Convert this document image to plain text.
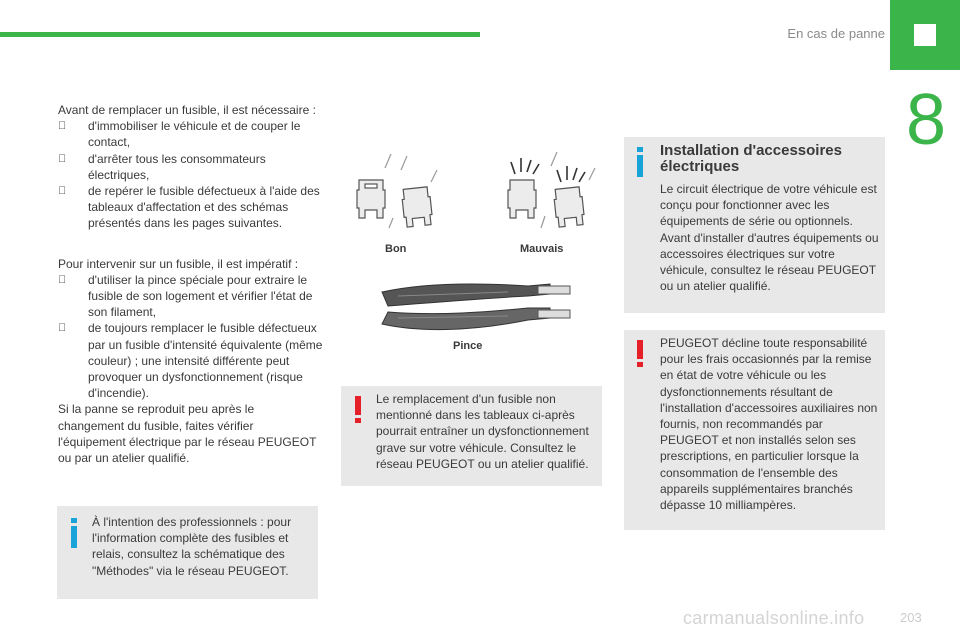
En cas de panne
8

Avant de remplacer un fusible, il est nécessaire :

d'immobiliser le véhicule et de couper le contact,
d'arrêter tous les consommateurs électriques,
de repérer le fusible défectueux à l'aide des tableaux d'affectation et des schémas présentés dans les pages suivantes.

Pour intervenir sur un fusible, il est impératif :

d'utiliser la pince spéciale pour extraire le fusible de son logement et vérifier l'état de son filament,
de toujours remplacer le fusible défectueux par un fusible d'intensité équivalente (même couleur) ; une intensité différente peut provoquer un dysfonctionnement (risque d'incendie).

Si la panne se reproduit peu après le changement du fusible, faites vérifier l'équipement électrique par le réseau PEUGEOT ou par un atelier qualifié.

À l'intention des professionnels : pour l'information complète des fusibles et relais, consultez la schématique des "Méthodes" via le réseau PEUGEOT.
Bon	Mauvais
Pince
Le remplacement d'un fusible non mentionné dans les tableaux ci-après pourrait entraîner un dysfonctionnement grave sur votre véhicule. Consultez le réseau PEUGEOT ou un atelier qualifié.
Installation d'accessoires électriques
Le circuit électrique de votre véhicule est conçu pour fonctionner avec les équipements de série ou optionnels. Avant d'installer d'autres équipements ou accessoires électriques sur votre véhicule, consultez le réseau PEUGEOT ou un atelier qualifié.
PEUGEOT décline toute responsabilité pour les frais occasionnés par la remise en état de votre véhicule ou les dysfonctionnements résultant de l'installation d'accessoires auxiliaires non fournis, non recommandés par PEUGEOT et non installés selon ses prescriptions, en particulier lorsque la consommation de l'ensemble des appareils supplémentaires branchés dépasse 10 milliampères.
203
carmanualsonline.info
